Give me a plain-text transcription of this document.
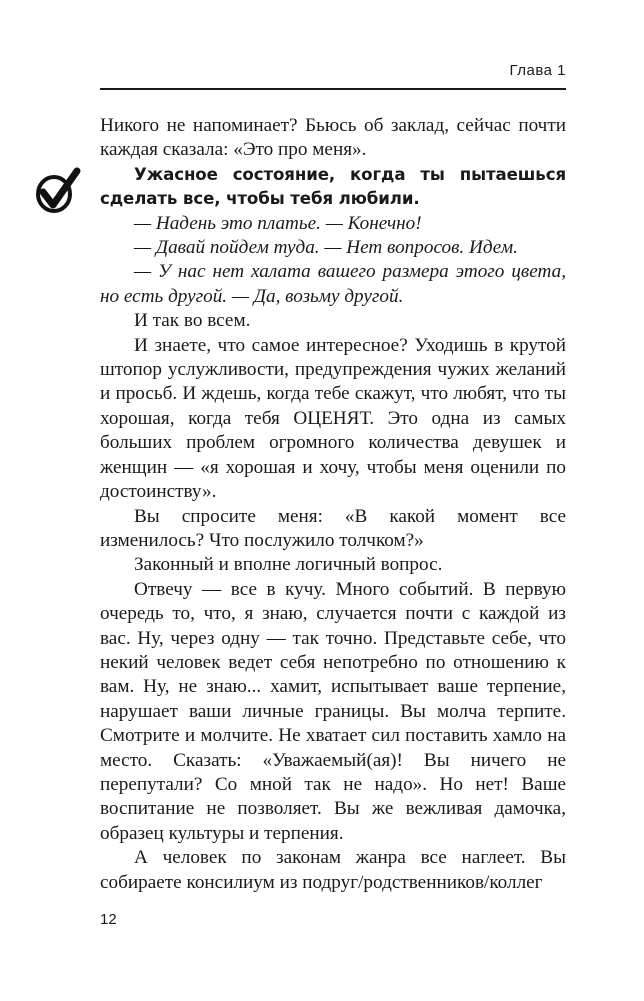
Глава 1

Никого не напоминает? Бьюсь об заклад, сейчас почти каждая сказала: «Это про меня».

Ужасное состояние, когда ты пытаешься сделать все, чтобы тебя любили.

— Надень это платье. — Конечно!

— Давай пойдем туда. — Нет вопросов. Идем.

— У нас нет халата вашего размера этого цвета, но есть другой. — Да, возьму другой.

И так во всем.

И знаете, что самое интересное? Уходишь в крутой штопор услужливости, предупреждения чужих желаний и просьб. И ждешь, когда тебе скажут, что любят, что ты хорошая, когда тебя ОЦЕНЯТ. Это одна из самых больших проблем огромного количества девушек и женщин — «я хорошая и хочу, чтобы меня оценили по достоинству».

Вы спросите меня: «В какой момент все изменилось? Что послужило толчком?»

Законный и вполне логичный вопрос.

Отвечу — все в кучу. Много событий. В первую очередь то, что, я знаю, случается почти с каждой из вас. Ну, через одну — так точно. Представьте себе, что некий человек ведет себя непотребно по отношению к вам. Ну, не знаю... хамит, испытывает ваше терпение, нарушает ваши личные границы. Вы молча терпите. Смотрите и молчите. Не хватает сил поставить хамло на место. Сказать: «Уважаемый(ая)! Вы ничего не перепутали? Со мной так не надо». Но нет! Ваше воспитание не позволяет. Вы же вежливая дамочка, образец культуры и терпения.

А человек по законам жанра все наглеет. Вы собираете консилиум из подруг/родственников/коллег

12
